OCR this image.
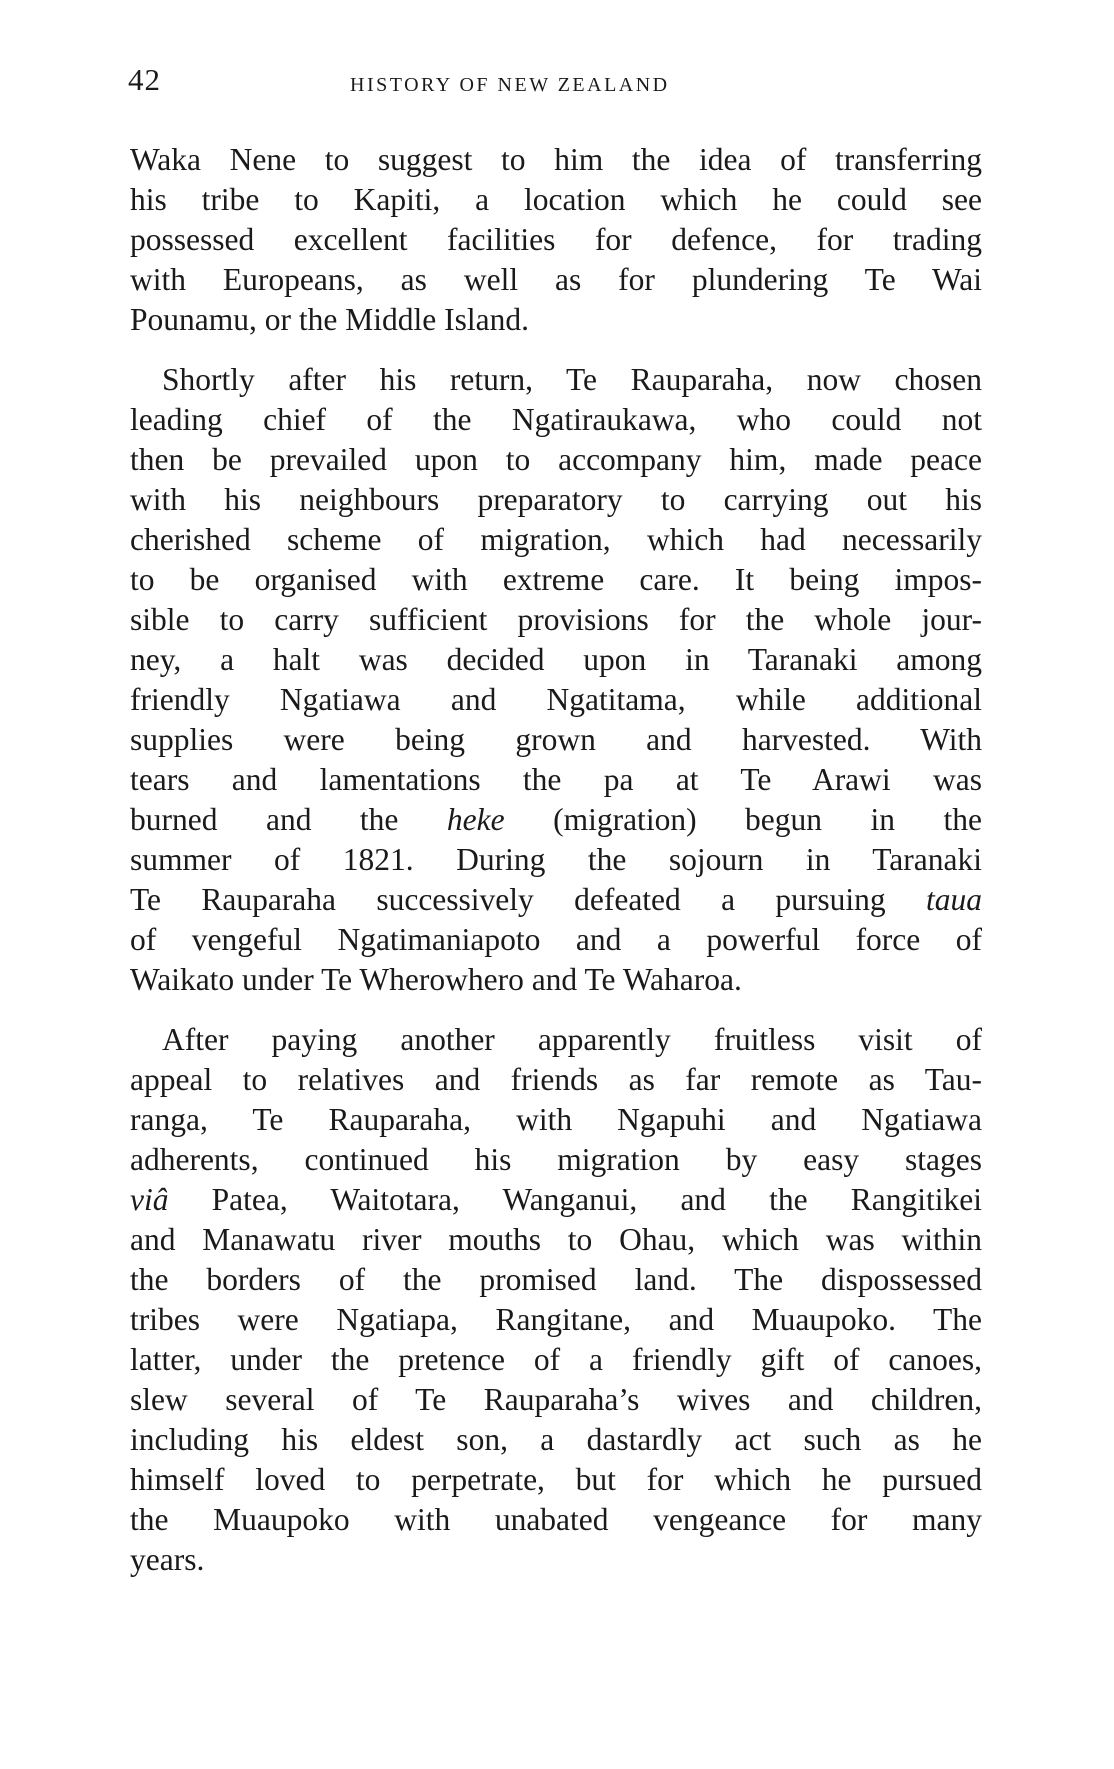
42	HISTORY OF NEW ZEALAND
Waka Nene to suggest to him the idea of transferring
his tribe to Kapiti, a location which he could see
possessed excellent facilities for defence, for trading
with Europeans, as well as for plundering Te Wai
Pounamu, or the Middle Island.
Shortly after his return, Te Rauparaha, now chosen
leading chief of the Ngatiraukawa, who could not
then be prevailed upon to accompany him, made peace
with his neighbours preparatory to carrying out his
cherished scheme of migration, which had necessarily
to be organised with extreme care. It being impos-
sible to carry sufficient provisions for the whole jour-
ney, a halt was decided upon in Taranaki among
friendly Ngatiawa and Ngatitama, while additional
supplies were being grown and harvested. With
tears and lamentations the pa at Te Arawi was
burned and the heke (migration) begun in the
summer of 1821. During the sojourn in Taranaki
Te Rauparaha successively defeated a pursuing taua
of vengeful Ngatimaniapoto and a powerful force of
Waikato under Te Wherowhero and Te Waharoa.
After paying another apparently fruitless visit of
appeal to relatives and friends as far remote as Tau-
ranga, Te Rauparaha, with Ngapuhi and Ngatiawa
adherents, continued his migration by easy stages
viâ Patea, Waitotara, Wanganui, and the Rangitikei
and Manawatu river mouths to Ohau, which was within
the borders of the promised land. The dispossessed
tribes were Ngatiapa, Rangitane, and Muaupoko. The
latter, under the pretence of a friendly gift of canoes,
slew several of Te Rauparaha’s wives and children,
including his eldest son, a dastardly act such as he
himself loved to perpetrate, but for which he pursued
the Muaupoko with unabated vengeance for many
years.
